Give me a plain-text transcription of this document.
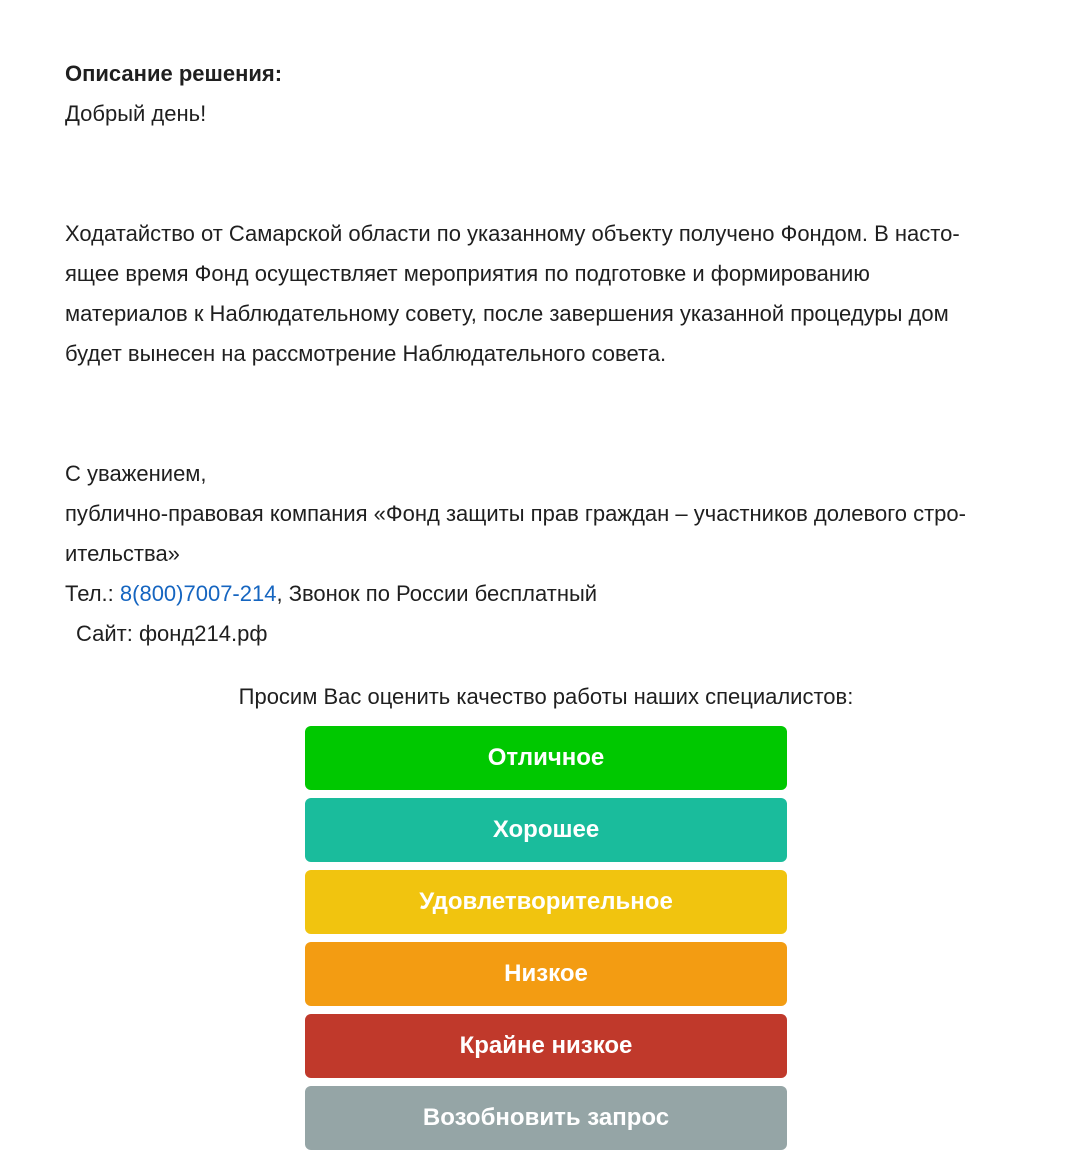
Описание решения:

Добрый день!

Ходатайство от Самарской области по указанному объекту получено Фондом. В насто-

ящее время Фонд осуществляет мероприятия по подготовке и формированию

материалов к Наблюдательному совету, после завершения указанной процедуры дом

будет вынесен на рассмотрение Наблюдательного совета.

С уважением,

публично-правовая компания «Фонд защиты прав граждан – участников долевого стро-

ительства»

Тел.: 8(800)7007-214, Звонок по России бесплатный

Сайт: фонд214.рф

Просим Вас оценить качество работы наших специалистов:
Отличное
Хорошее
Удовлетворительное
Низкое
Крайне низкое
Возобновить запрос
